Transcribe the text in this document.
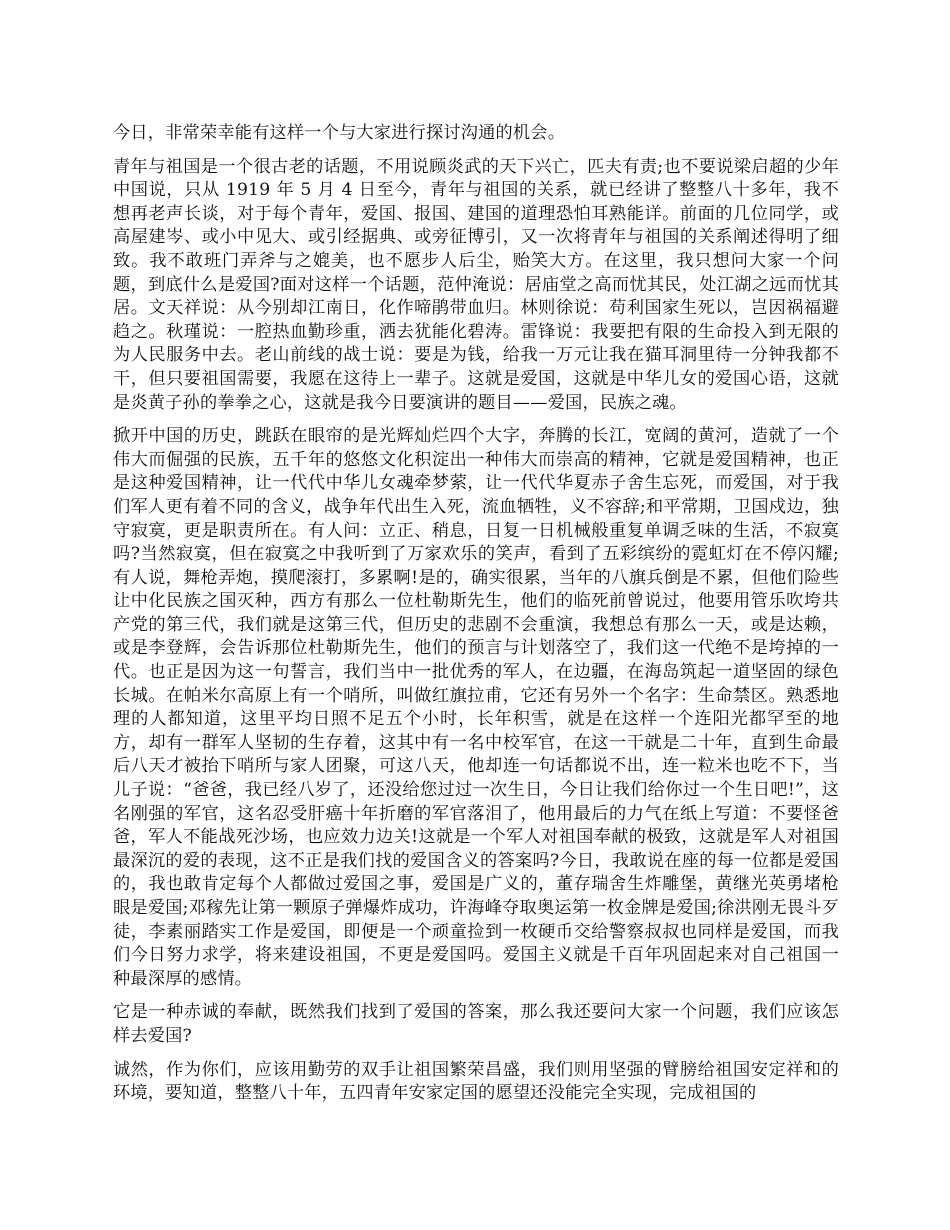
今日，非常荣幸能有这样一个与大家进行探讨沟通的机会。

青年与祖国是一个很古老的话题，不用说顾炎武的天下兴亡，匹夫有责;也不要说梁启超的少年中国说，只从 1919 年 5 月 4 日至今，青年与祖国的关系，就已经讲了整整八十多年，我不想再老声长谈，对于每个青年，爱国、报国、建国的道理恐怕耳熟能详。前面的几位同学，或高屋建岑、或小中见大、或引经据典、或旁征博引，又一次将青年与祖国的关系阐述得明了细致。我不敢班门弄斧与之媲美，也不愿步人后尘，贻笑大方。在这里，我只想问大家一个问题，到底什么是爱国?面对这样一个话题，范仲淹说：居庙堂之高而忧其民，处江湖之远而忧其居。文天祥说：从今别却江南日，化作啼鹃带血归。林则徐说：苟利国家生死以，岂因祸福避趋之。秋瑾说：一腔热血勤珍重，洒去犹能化碧涛。雷锋说：我要把有限的生命投入到无限的为人民服务中去。老山前线的战士说：要是为钱，给我一万元让我在猫耳洞里待一分钟我都不干，但只要祖国需要，我愿在这待上一辈子。这就是爱国，这就是中华儿女的爱国心语，这就是炎黄子孙的拳拳之心，这就是我今日要演讲的题目——爱国，民族之魂。

掀开中国的历史，跳跃在眼帘的是光辉灿烂四个大字，奔腾的长江，宽阔的黄河，造就了一个伟大而倔强的民族，五千年的悠悠文化积淀出一种伟大而崇高的精神，它就是爱国精神，也正是这种爱国精神，让一代代中华儿女魂牵梦萦，让一代代华夏赤子舍生忘死，而爱国，对于我们军人更有着不同的含义，战争年代出生入死，流血牺牲，义不容辞;和平常期，卫国戍边，独守寂寞，更是职责所在。有人问：立正、稍息，日复一日机械般重复单调乏味的生活，不寂寞吗?当然寂寞，但在寂寞之中我听到了万家欢乐的笑声，看到了五彩缤纷的霓虹灯在不停闪耀;有人说，舞枪弄炮，摸爬滚打，多累啊!是的，确实很累，当年的八旗兵倒是不累，但他们险些让中化民族之国灭种，西方有那么一位杜勒斯先生，他们的临死前曾说过，他要用管乐吹垮共产党的第三代，我们就是这第三代，但历史的悲剧不会重演，我想总有那么一天，或是达赖，或是李登辉，会告诉那位杜勒斯先生，他们的预言与计划落空了，我们这一代绝不是垮掉的一代。也正是因为这一句誓言，我们当中一批优秀的军人，在边疆，在海岛筑起一道坚固的绿色长城。在帕米尔高原上有一个哨所，叫做红旗拉甫，它还有另外一个名字：生命禁区。熟悉地理的人都知道，这里平均日照不足五个小时，长年积雪，就是在这样一个连阳光都罕至的地方，却有一群军人坚韧的生存着，这其中有一名中校军官，在这一干就是二十年，直到生命最后八天才被抬下哨所与家人团聚，可这八天，他却连一句话都说不出，连一粒米也吃不下，当儿子说：“爸爸，我已经八岁了，还没给您过过一次生日，今日让我们给你过一个生日吧!”，这名刚强的军官，这名忍受肝癌十年折磨的军官落泪了，他用最后的力气在纸上写道：不要怪爸爸，军人不能战死沙场，也应效力边关!这就是一个军人对祖国奉献的极致，这就是军人对祖国最深沉的爱的表现，这不正是我们找的爱国含义的答案吗?今日，我敢说在座的每一位都是爱国的，我也敢肯定每个人都做过爱国之事，爱国是广义的，董存瑞舍生炸雕堡，黄继光英勇堵枪眼是爱国;邓稼先让第一颗原子弹爆炸成功，许海峰夺取奥运第一枚金牌是爱国;徐洪刚无畏斗歹徒，李素丽踏实工作是爱国，即便是一个顽童捡到一枚硬币交给警察叔叔也同样是爱国，而我们今日努力求学，将来建设祖国，不更是爱国吗。爱国主义就是千百年巩固起来对自己祖国一种最深厚的感情。

它是一种赤诚的奉献，既然我们找到了爱国的答案，那么我还要问大家一个问题，我们应该怎样去爱国?

诚然，作为你们，应该用勤劳的双手让祖国繁荣昌盛，我们则用坚强的臂膀给祖国安定祥和的环境，要知道，整整八十年，五四青年安家定国的愿望还没能完全实现，完成祖国的
